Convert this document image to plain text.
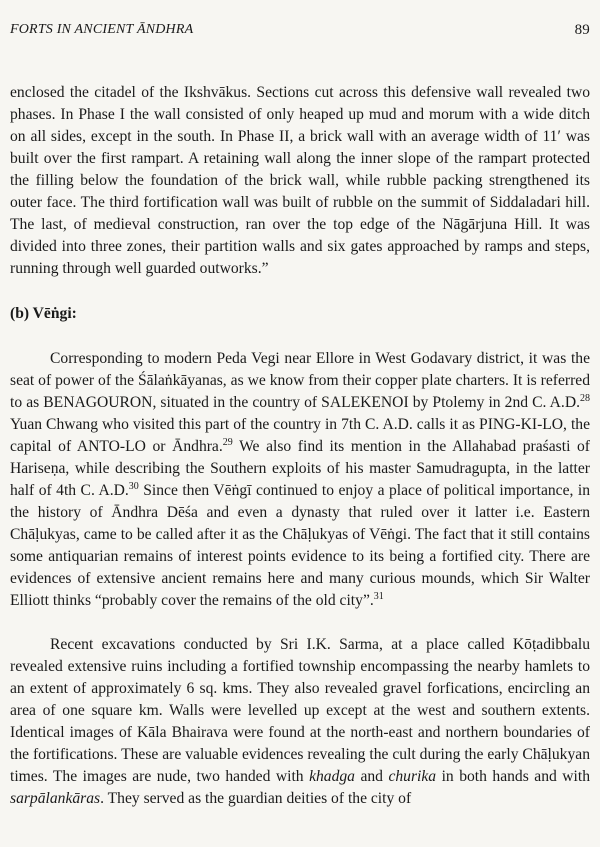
FORTS IN ANCIENT ĀNDHRA	89

enclosed the citadel of the Ikshvākus. Sections cut across this defensive wall revealed two phases. In Phase I the wall consisted of only heaped up mud and morum with a wide ditch on all sides, except in the south. In Phase II, a brick wall with an average width of 11′ was built over the first rampart. A retaining wall along the inner slope of the rampart protected the filling below the foundation of the brick wall, while rubble packing strengthened its outer face. The third fortification wall was built of rubble on the summit of Siddaladari hill. The last, of medieval construction, ran over the top edge of the Nāgārjuna Hill. It was divided into three zones, their partition walls and six gates approached by ramps and steps, running through well guarded outworks.”

(b) Vēṅgi:

Corresponding to modern Peda Vegi near Ellore in West Godavary district, it was the seat of power of the Śālaṅkāyanas, as we know from their copper plate charters. It is referred to as BENAGOURON, situated in the country of SALEKENOI by Ptolemy in 2nd C. A.D.$^{28}$ Yuan Chwang who visited this part of the country in 7th C. A.D. calls it as PING-KI-LO, the capital of ANTO-LO or Āndhra.$^{29}$ We also find its mention in the Allahabad praśasti of Hariseṇa, while describing the Southern exploits of his master Samudragupta, in the latter half of 4th C. A.D.$^{30}$ Since then Vēṅgī continued to enjoy a place of political importance, in the history of Āndhra Dēśa and even a dynasty that ruled over it latter i.e. Eastern Chāḷukyas, came to be called after it as the Chāḷukyas of Vēṅgi. The fact that it still contains some antiquarian remains of interest points evidence to its being a fortified city. There are evidences of extensive ancient remains here and many curious mounds, which Sir Walter Elliott thinks “probably cover the remains of the old city”.$^{31}$

Recent excavations conducted by Sri I.K. Sarma, at a place called Kōṭadibbalu revealed extensive ruins including a fortified township encompassing the nearby hamlets to an extent of approximately 6 sq. kms. They also revealed gravel forfications, encircling an area of one square km. Walls were levelled up except at the west and southern extents. Identical images of Kāla Bhairava were found at the north-east and northern boundaries of the fortifications. These are valuable evidences revealing the cult during the early Chāḷukyan times. The images are nude, two handed with khadga and churika in both hands and with sarpālankāras. They served as the guardian deities of the city of
